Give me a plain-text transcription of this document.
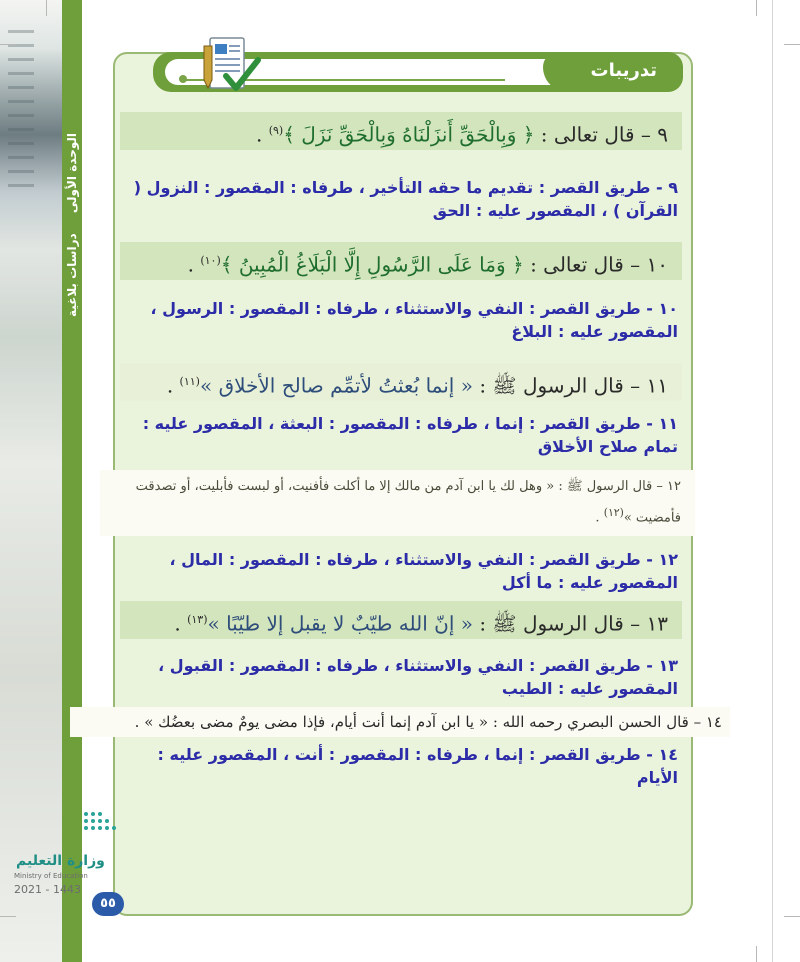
الوحدة الأولى دراسات بلاغية
تدريبات
٩ – قال تعالى : ﴿ وَبِالْحَقِّ أَنزَلْنَاهُ وَبِالْحَقِّ نَزَلَ ﴾$^{(٩)}$ .
٩ - طريق القصر : تقديم ما حقه التأخير ، طرفاه : المقصور : النزول ( القرآن ) ، المقصور عليه : الحق
١٠ – قال تعالى : ﴿ وَمَا عَلَى الرَّسُولِ إِلَّا الْبَلَاغُ الْمُبِينُ ﴾$^{(١٠)}$ .
١٠ - طريق القصر : النفي والاستثناء ، طرفاه : المقصور : الرسول ، المقصور عليه : البلاغ
١١ – قال الرسول ﷺ : « إنما بُعثتُ لأتمِّم صالح الأخلاق »$^{(١١)}$ .
١١ - طريق القصر : إنما ، طرفاه : المقصور : البعثة ، المقصور عليه : تمام صلاح الأخلاق
١٢ – قال الرسول ﷺ : « وهل لك يا ابن آدم من مالك إلا ما أكلت فأفنيت، أو لبست فأبليت، أو تصدقت فأمضيت »$^{(١٢)}$ .
١٢ - طريق القصر : النفي والاستثناء ، طرفاه : المقصور : المال ، المقصور عليه : ما أكل
١٣ – قال الرسول ﷺ : « إنّ الله طيّبٌ لا يقبل إلا طيّبًا »$^{(١٣)}$ .
١٣ - طريق القصر : النفي والاستثناء ، طرفاه : المقصور : القبول ، المقصور عليه : الطيب
١٤ – قال الحسن البصري رحمه الله : « يا ابن آدم إنما أنت أيام، فإذا مضى يومٌ مضى بعضُك » .
١٤ - طريق القصر : إنما ، طرفاه : المقصور : أنت ، المقصور عليه : الأيام
وزارة التعليم
Ministry of Education
2021 - 1443
٥٥
